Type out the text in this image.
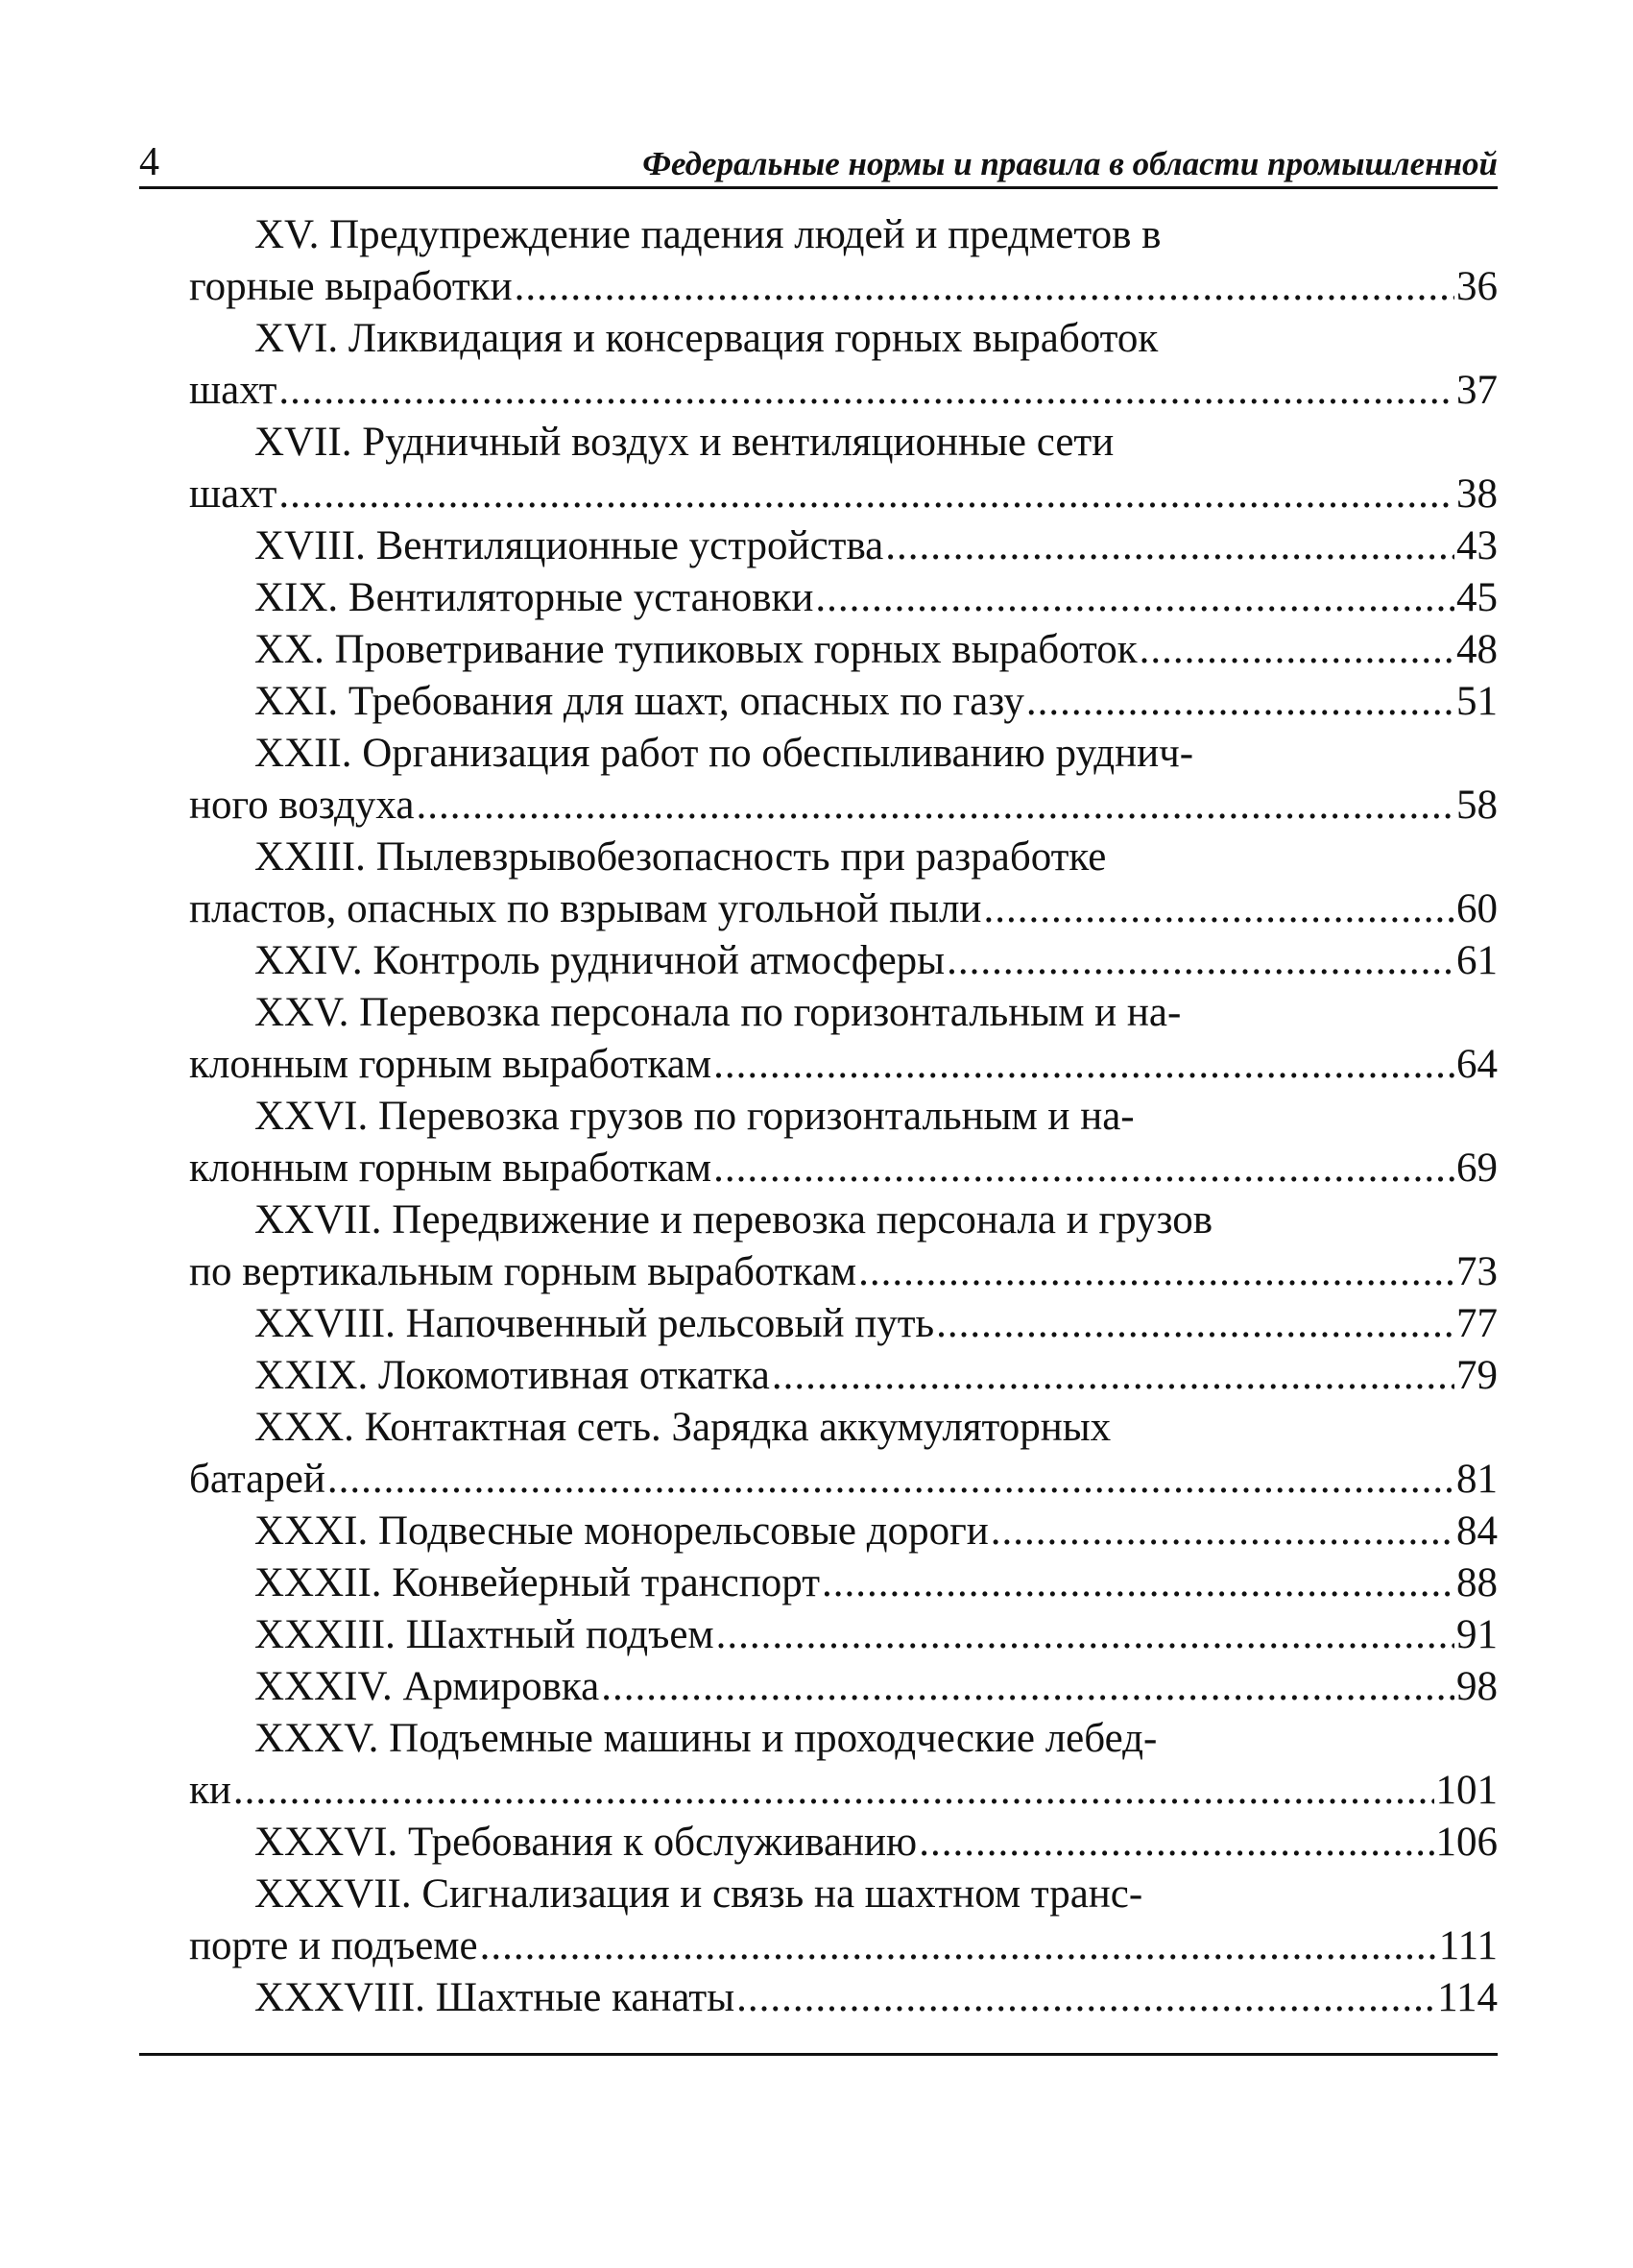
4	Федеральные нормы и правила в области промышленной
XV. Предупреждение падения людей и предметов в
горные выработки .....	36
XVI. Ликвидация и консервация горных выработок
шахт .....	37
XVII. Рудничный воздух и вентиляционные сети
шахт .....	38
XVIII. Вентиляционные устройства .....	43
XIX. Вентиляторные установки .....	45
XX. Проветривание тупиковых горных выработок .....	48
XXI. Требования для шахт, опасных по газу .....	51
XXII. Организация работ по обеспыливанию руднич-
ного воздуха .....	58
XXIII. Пылевзрывобезопасность при разработке
пластов, опасных по взрывам угольной пыли .....	60
XXIV. Контроль рудничной атмосферы .....	61
XXV. Перевозка персонала по горизонтальным и на-
клонным горным выработкам .....	64
XXVI. Перевозка грузов по горизонтальным и на-
клонным горным выработкам .....	69
XXVII. Передвижение и перевозка персонала и грузов
по вертикальным горным выработкам .....	73
XXVIII. Напочвенный рельсовый путь .....	77
XXIX. Локомотивная откатка .....	79
XXX. Контактная сеть. Зарядка аккумуляторных
батарей .....	81
XXXI. Подвесные монорельсовые дороги .....	84
XXXII. Конвейерный транспорт .....	88
XXXIII. Шахтный подъем .....	91
XXXIV. Армировка .....	98
XXXV. Подъемные машины и проходческие лебед-
ки .....	101
XXXVI. Требования к обслуживанию .....	106
XXXVII. Сигнализация и связь на шахтном транс-
порте и подъеме .....	111
XXXVIII. Шахтные канаты .....	114
